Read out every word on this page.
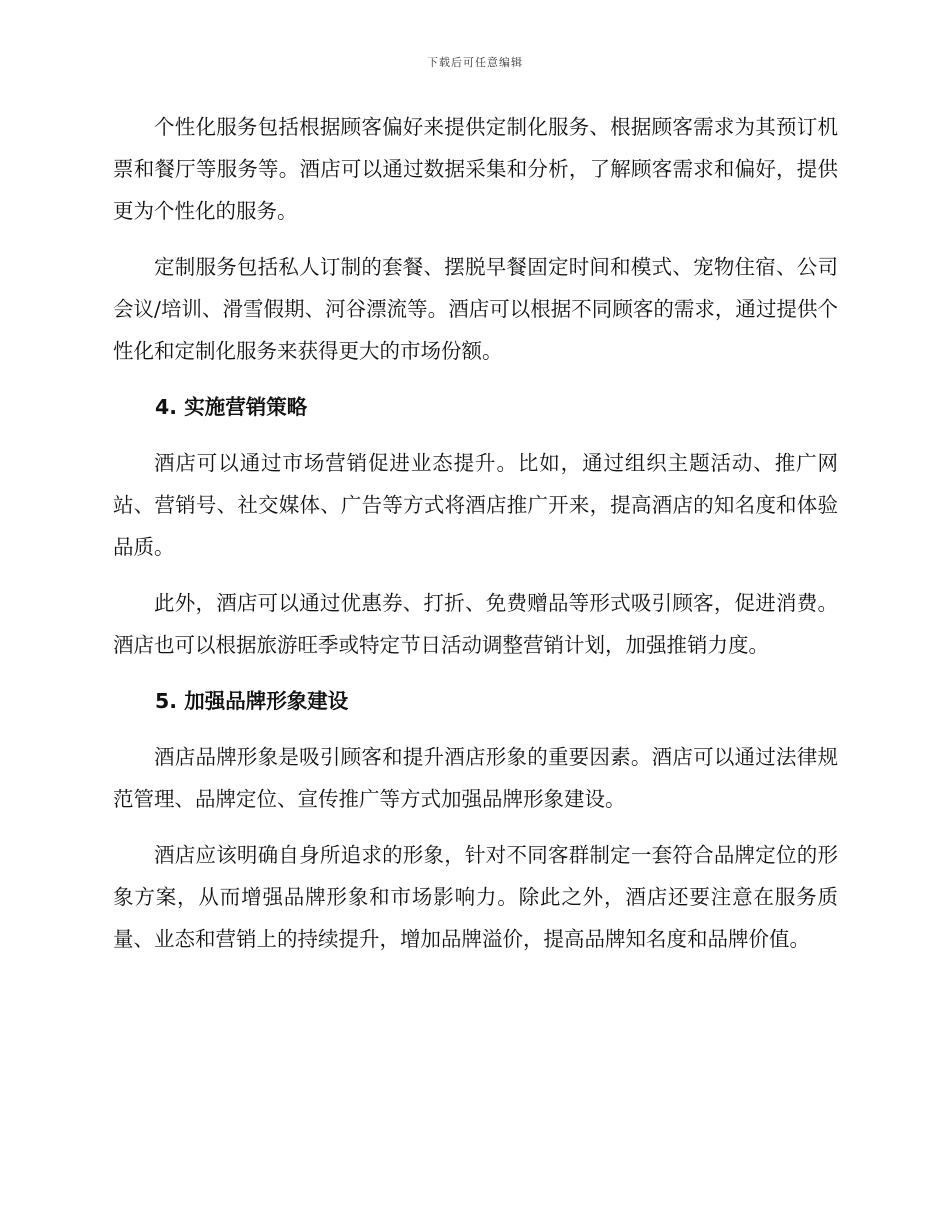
下载后可任意编辑

个性化服务包括根据顾客偏好来提供定制化服务、根据顾客需求为其预订机票和餐厅等服务等。酒店可以通过数据采集和分析，了解顾客需求和偏好，提供更为个性化的服务。

定制服务包括私人订制的套餐、摆脱早餐固定时间和模式、宠物住宿、公司会议/培训、滑雪假期、河谷漂流等。酒店可以根据不同顾客的需求，通过提供个性化和定制化服务来获得更大的市场份额。

4. 实施营销策略

酒店可以通过市场营销促进业态提升。比如，通过组织主题活动、推广网站、营销号、社交媒体、广告等方式将酒店推广开来，提高酒店的知名度和体验品质。

此外，酒店可以通过优惠券、打折、免费赠品等形式吸引顾客，促进消费。酒店也可以根据旅游旺季或特定节日活动调整营销计划，加强推销力度。

5. 加强品牌形象建设

酒店品牌形象是吸引顾客和提升酒店形象的重要因素。酒店可以通过法律规范管理、品牌定位、宣传推广等方式加强品牌形象建设。

酒店应该明确自身所追求的形象，针对不同客群制定一套符合品牌定位的形象方案，从而增强品牌形象和市场影响力。除此之外，酒店还要注意在服务质量、业态和营销上的持续提升，增加品牌溢价，提高品牌知名度和品牌价值。
